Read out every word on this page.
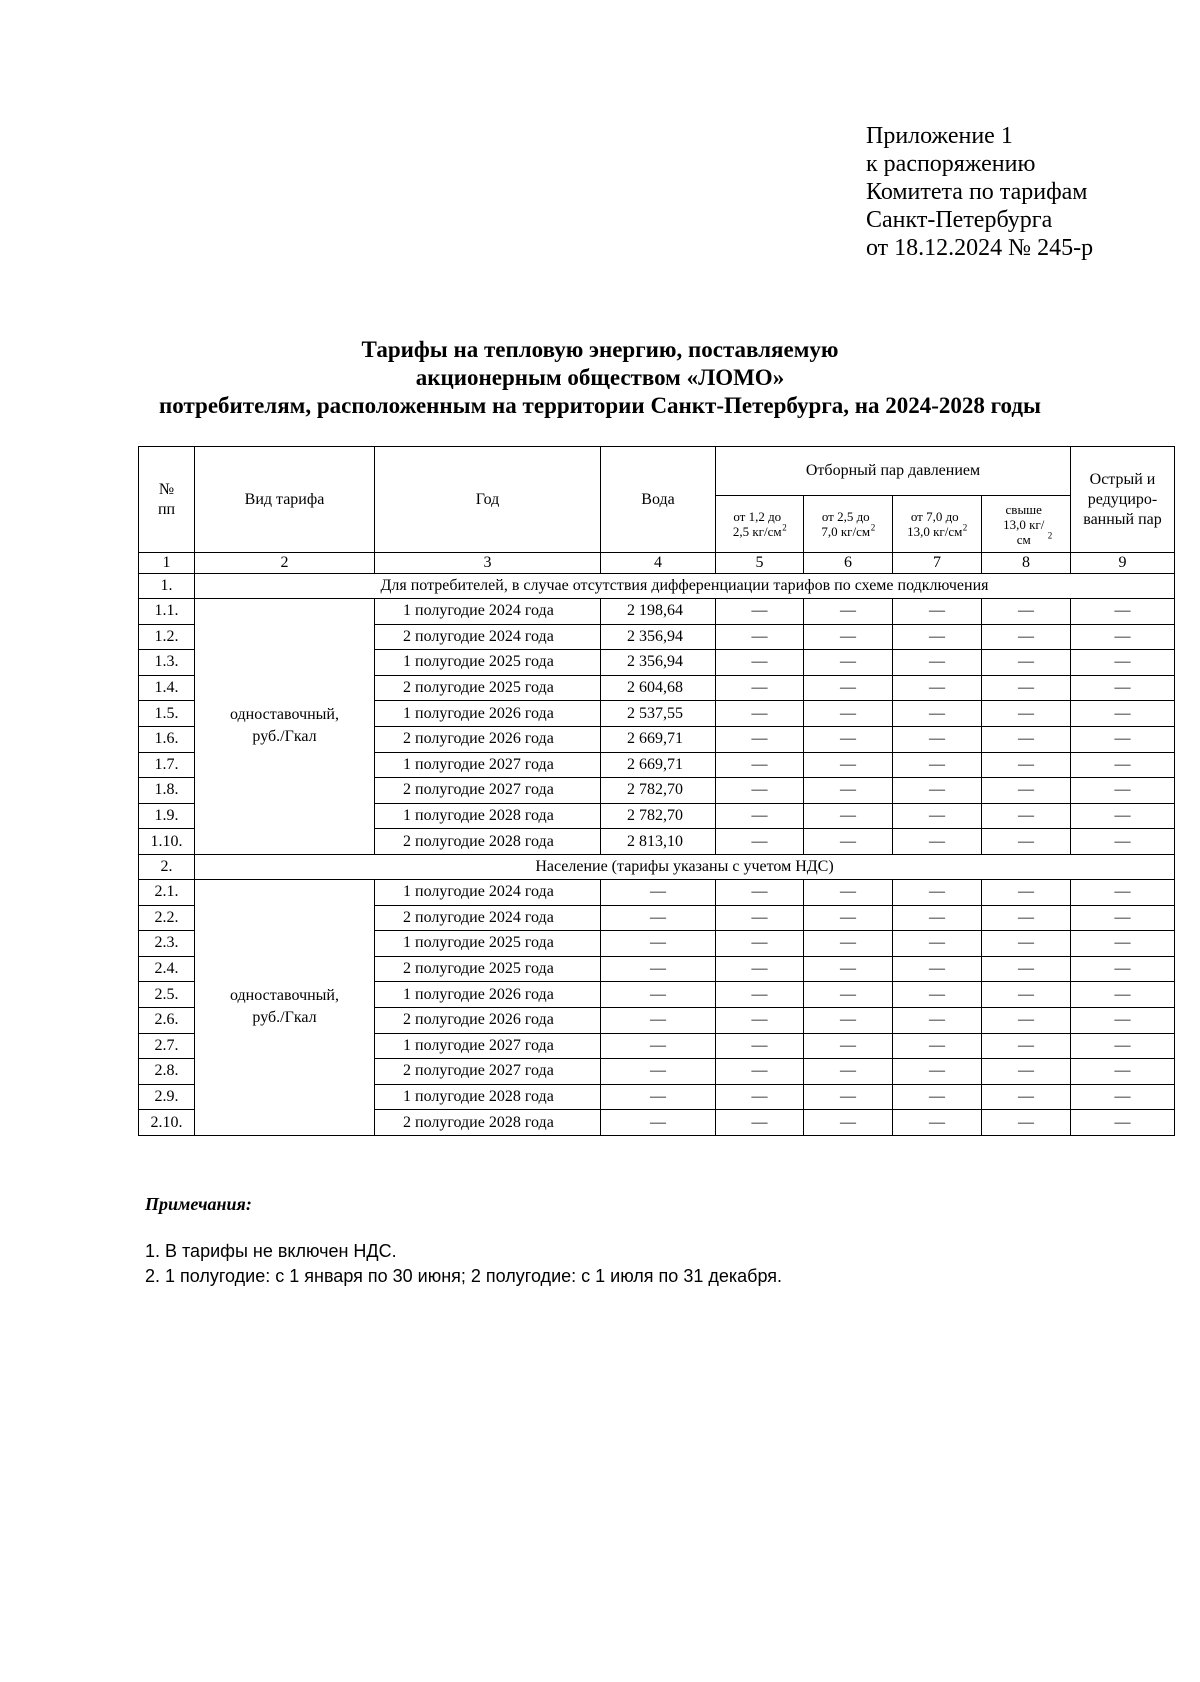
Приложение 1
к распоряжению
Комитета по тарифам
Санкт-Петербурга
от 18.12.2024 № 245-р
Тарифы на тепловую энергию, поставляемую
акционерным обществом «ЛОМО»
потребителям, расположенным на территории Санкт-Петербурга, на 2024-2028 годы
№ пп	Вид тарифа	Год	Вода	Отборный пар давлением				Острый и редуциро-ванный пар
				от 1,2 до 2,5 $кг/см^2$	от 2,5 до 7,0 $кг/см^2$	от 7,0 до 13,0 $кг/см^2$	свыше 13,0 кг/см $^2$
1	2	3	4	5	6	7	8	9
1.	Для потребителей, в случае отсутствия дифференциации тарифов по схеме подключения							
1.1.	одноставочный, руб./Гкал	1 полугодие 2024 года	2 198,64	—	—	—	—	—
1.2.		2 полугодие 2024 года	2 356,94	—	—	—	—	—
1.3.		1 полугодие 2025 года	2 356,94	—	—	—	—	—
1.4.		2 полугодие 2025 года	2 604,68	—	—	—	—	—
1.5.		1 полугодие 2026 года	2 537,55	—	—	—	—	—
1.6.		2 полугодие 2026 года	2 669,71	—	—	—	—	—
1.7.		1 полугодие 2027 года	2 669,71	—	—	—	—	—
1.8.		2 полугодие 2027 года	2 782,70	—	—	—	—	—
1.9.		1 полугодие 2028 года	2 782,70	—	—	—	—	—
1.10.		2 полугодие 2028 года	2 813,10	—	—	—	—	—
2.	Население (тарифы указаны с учетом НДС)							
2.1.	одноставочный, руб./Гкал	1 полугодие 2024 года	—	—	—	—	—	—
2.2.		2 полугодие 2024 года	—	—	—	—	—	—
2.3.		1 полугодие 2025 года	—	—	—	—	—	—
2.4.		2 полугодие 2025 года	—	—	—	—	—	—
2.5.		1 полугодие 2026 года	—	—	—	—	—	—
2.6.		2 полугодие 2026 года	—	—	—	—	—	—
2.7.		1 полугодие 2027 года	—	—	—	—	—	—
2.8.		2 полугодие 2027 года	—	—	—	—	—	—
2.9.		1 полугодие 2028 года	—	—	—	—	—	—
2.10.		2 полугодие 2028 года	—	—	—	—	—	—
Примечания:
1. В тарифы не включен НДС.
2. 1 полугодие: с 1 января по 30 июня; 2 полугодие: с 1 июля по 31 декабря.
